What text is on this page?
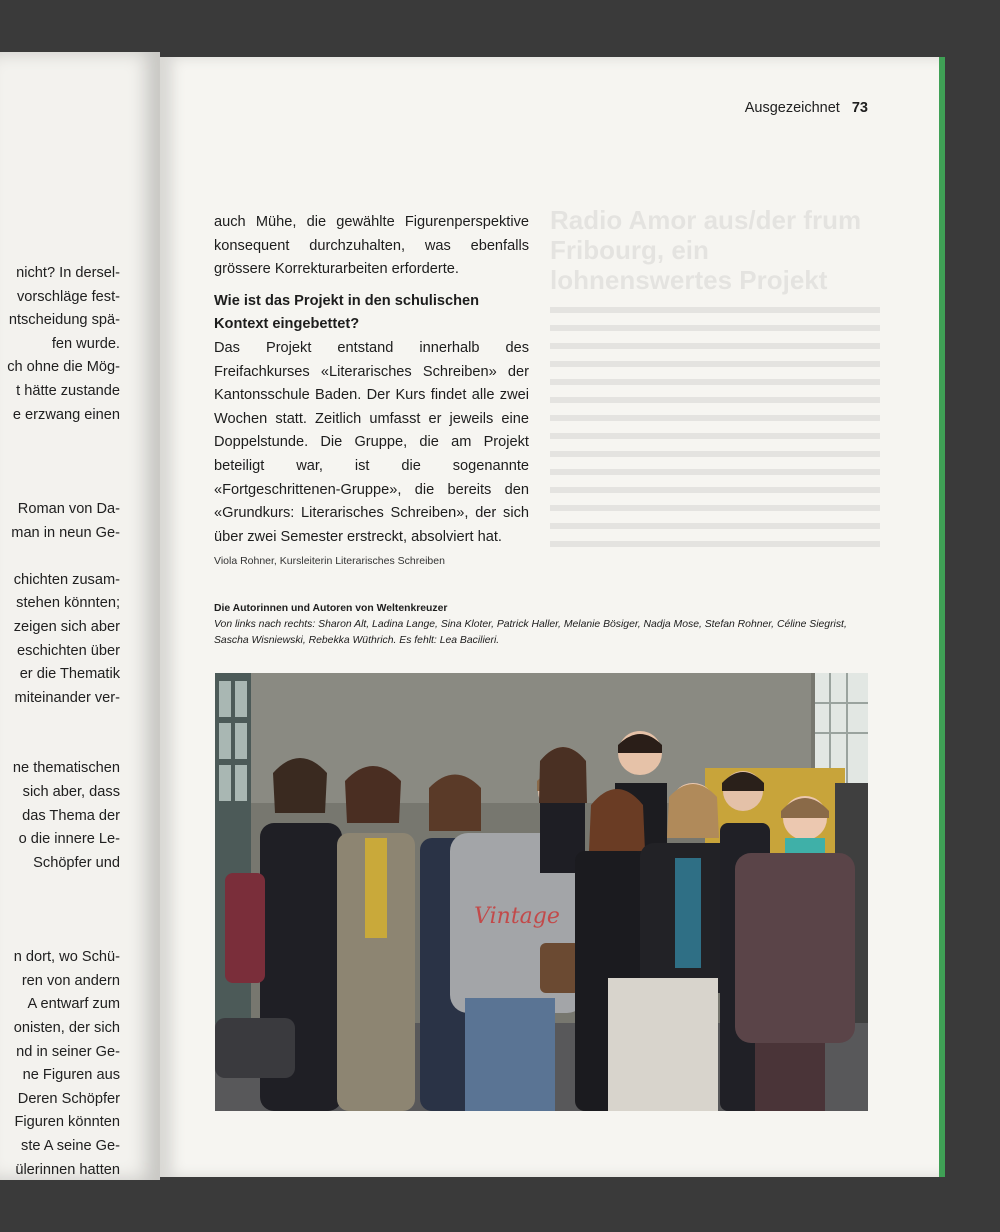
nicht? In dersel-
vorschläge fest-
ntscheidung spä-
fen wurde.
ch ohne die Mög-
t hätte zustande
e erzwang einen
Roman von Da-
man in neun Ge-
chichten zusam-
stehen könnten;
zeigen sich aber
eschichten über
er die Thematik
miteinander ver-
ne thematischen
sich aber, dass
das Thema der
o die innere Le-
Schöpfer und
n dort, wo Schü-
ren von andern
A entwarf zum
onisten, der sich
nd in seiner Ge-
ne Figuren aus
Deren Schöpfer
Figuren könnten
ste A seine Ge-
ülerinnen hatten
Radio Amor aus/der frum Fribourg, ein lohnenswertes Projekt
Ausgezeichnet 73

auch Mühe, die gewählte Figurenperspektive konsequent durchzuhalten, was ebenfalls grössere Korrekturarbeiten erforderte.

Wie ist das Projekt in den schulischen Kontext eingebettet?

Das Projekt entstand innerhalb des Freifachkurses «Literarisches Schreiben» der Kantonsschule Baden. Der Kurs findet alle zwei Wochen statt. Zeitlich umfasst er jeweils eine Doppelstunde. Die Gruppe, die am Projekt beteiligt war, ist die sogenannte «Fortgeschrittenen-Gruppe», die bereits den «Grundkurs: Literarisches Schreiben», der sich über zwei Semester erstreckt, absolviert hat.

Viola Rohner, Kursleiterin Literarisches Schreiben
Die Autorinnen und Autoren von Weltenkreuzer
Von links nach rechts: Sharon Alt, Ladina Lange, Sina Kloter, Patrick Haller, Melanie Bösiger, Nadja Mose, Stefan Rohner, Céline Siegrist, Sascha Wisniewski, Rebekka Wüthrich. Es fehlt: Lea Bacilieri.
Vintage
